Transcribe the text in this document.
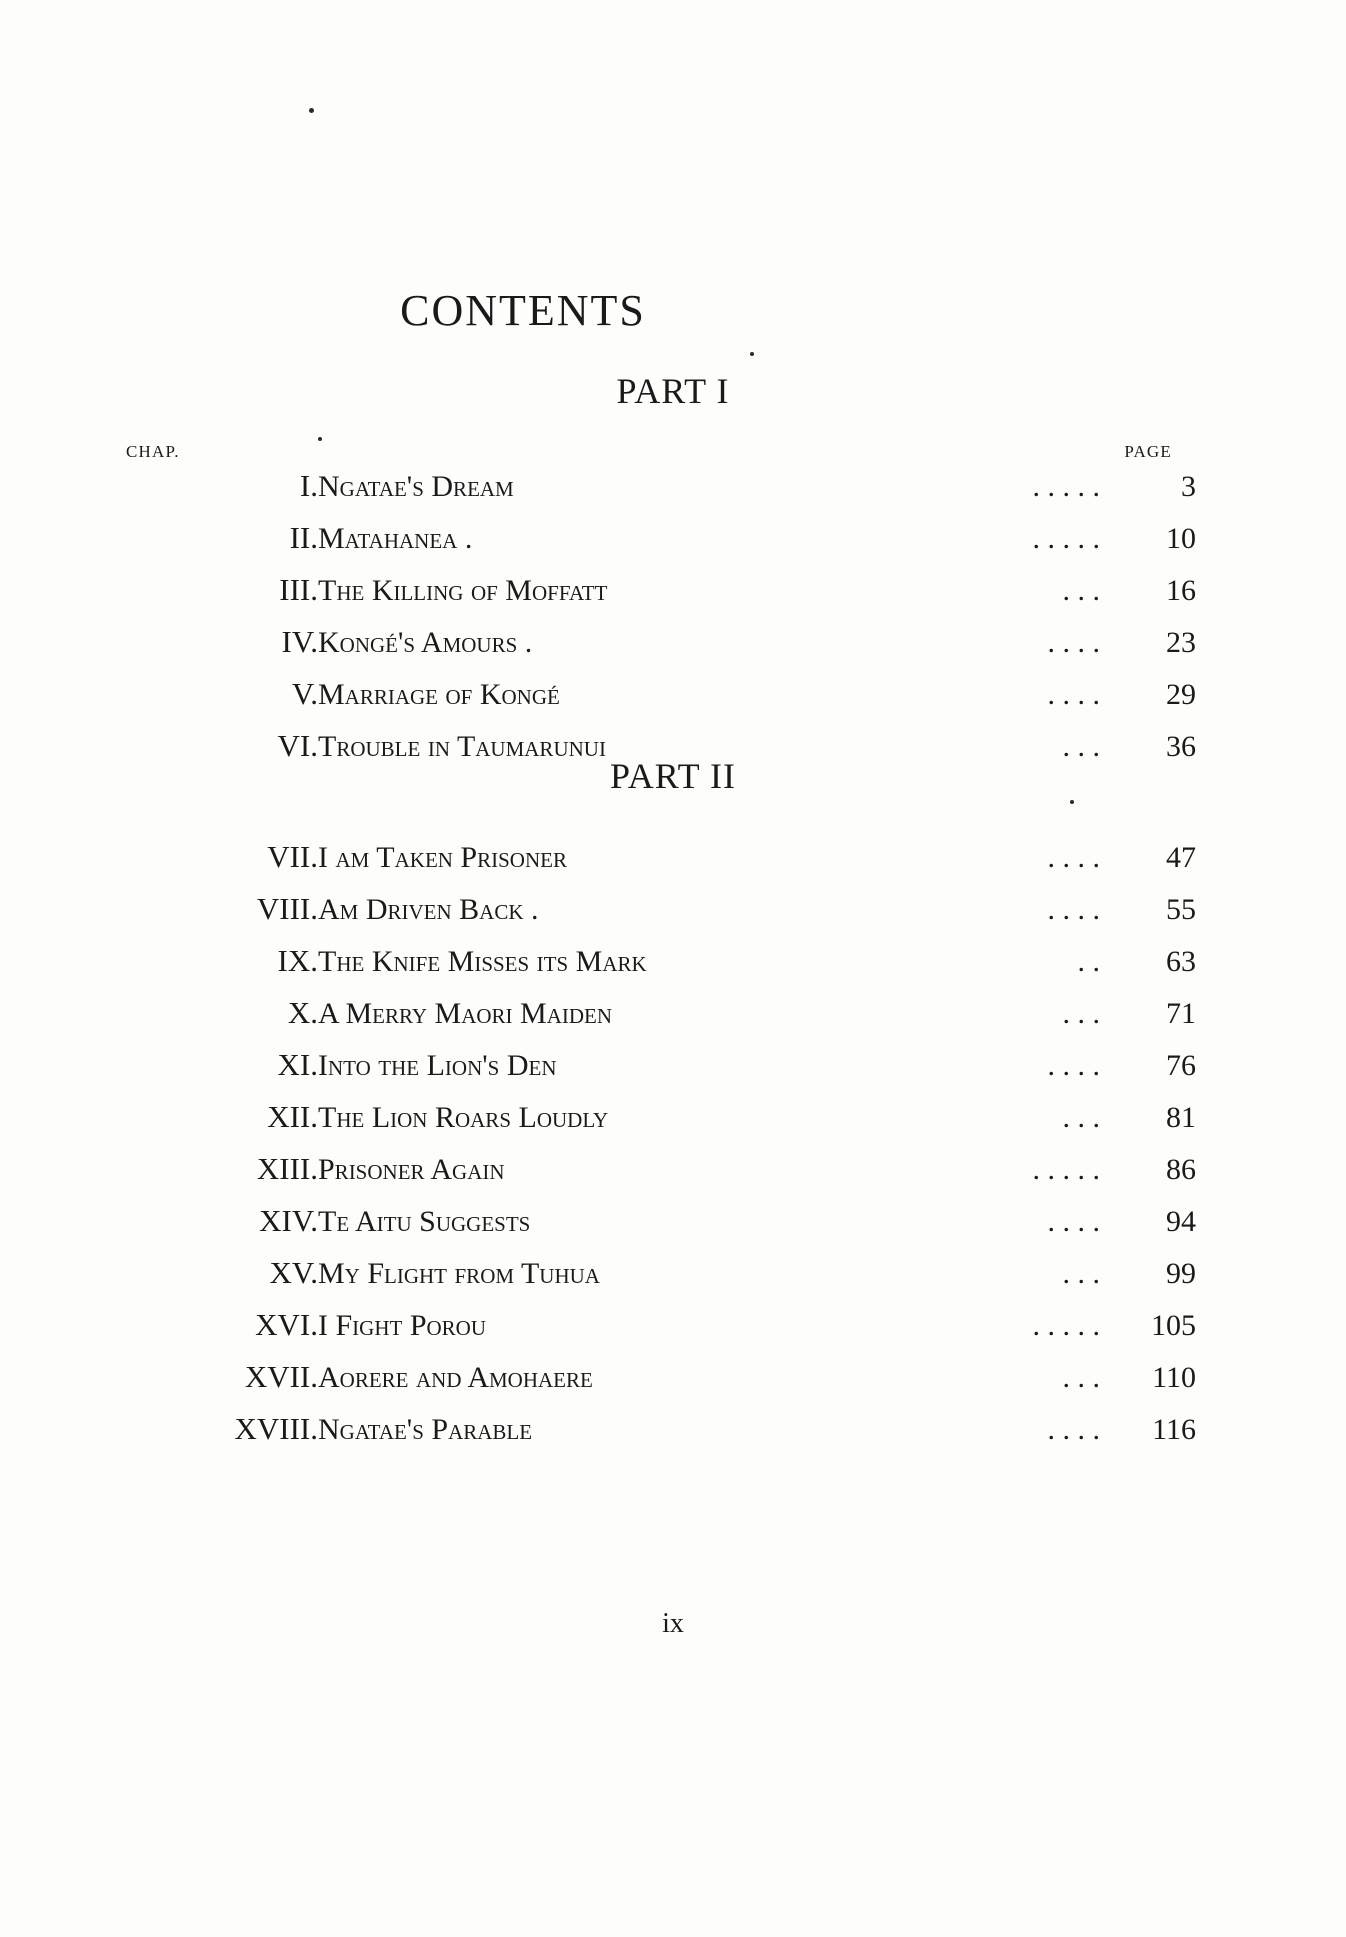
CONTENTS
PART I
CHAP.	PAGE
I.	Ngatae's Dream	. . . . .	3
II.	Matahanea .	. . . . .	10
III.	The Killing of Moffatt	. . .	16
IV.	Kongé's Amours .	. . . .	23
V.	Marriage of Kongé	. . . .	29
VI.	Trouble in Taumarunui	. . .	36
PART II
VII.	I am Taken Prisoner	. . . .	47
VIII.	Am Driven Back .	. . . .	55
IX.	The Knife Misses its Mark	. .	63
X.	A Merry Maori Maiden	. . .	71
XI.	Into the Lion's Den	. . . .	76
XII.	The Lion Roars Loudly	. . .	81
XIII.	Prisoner Again	. . . . .	86
XIV.	Te Aitu Suggests	. . . .	94
XV.	My Flight from Tuhua	. . .	99
XVI.	I Fight Porou	. . . . .	105
XVII.	Aorere and Amohaere	. . .	110
XVIII.	Ngatae's Parable	. . . .	116
ix
